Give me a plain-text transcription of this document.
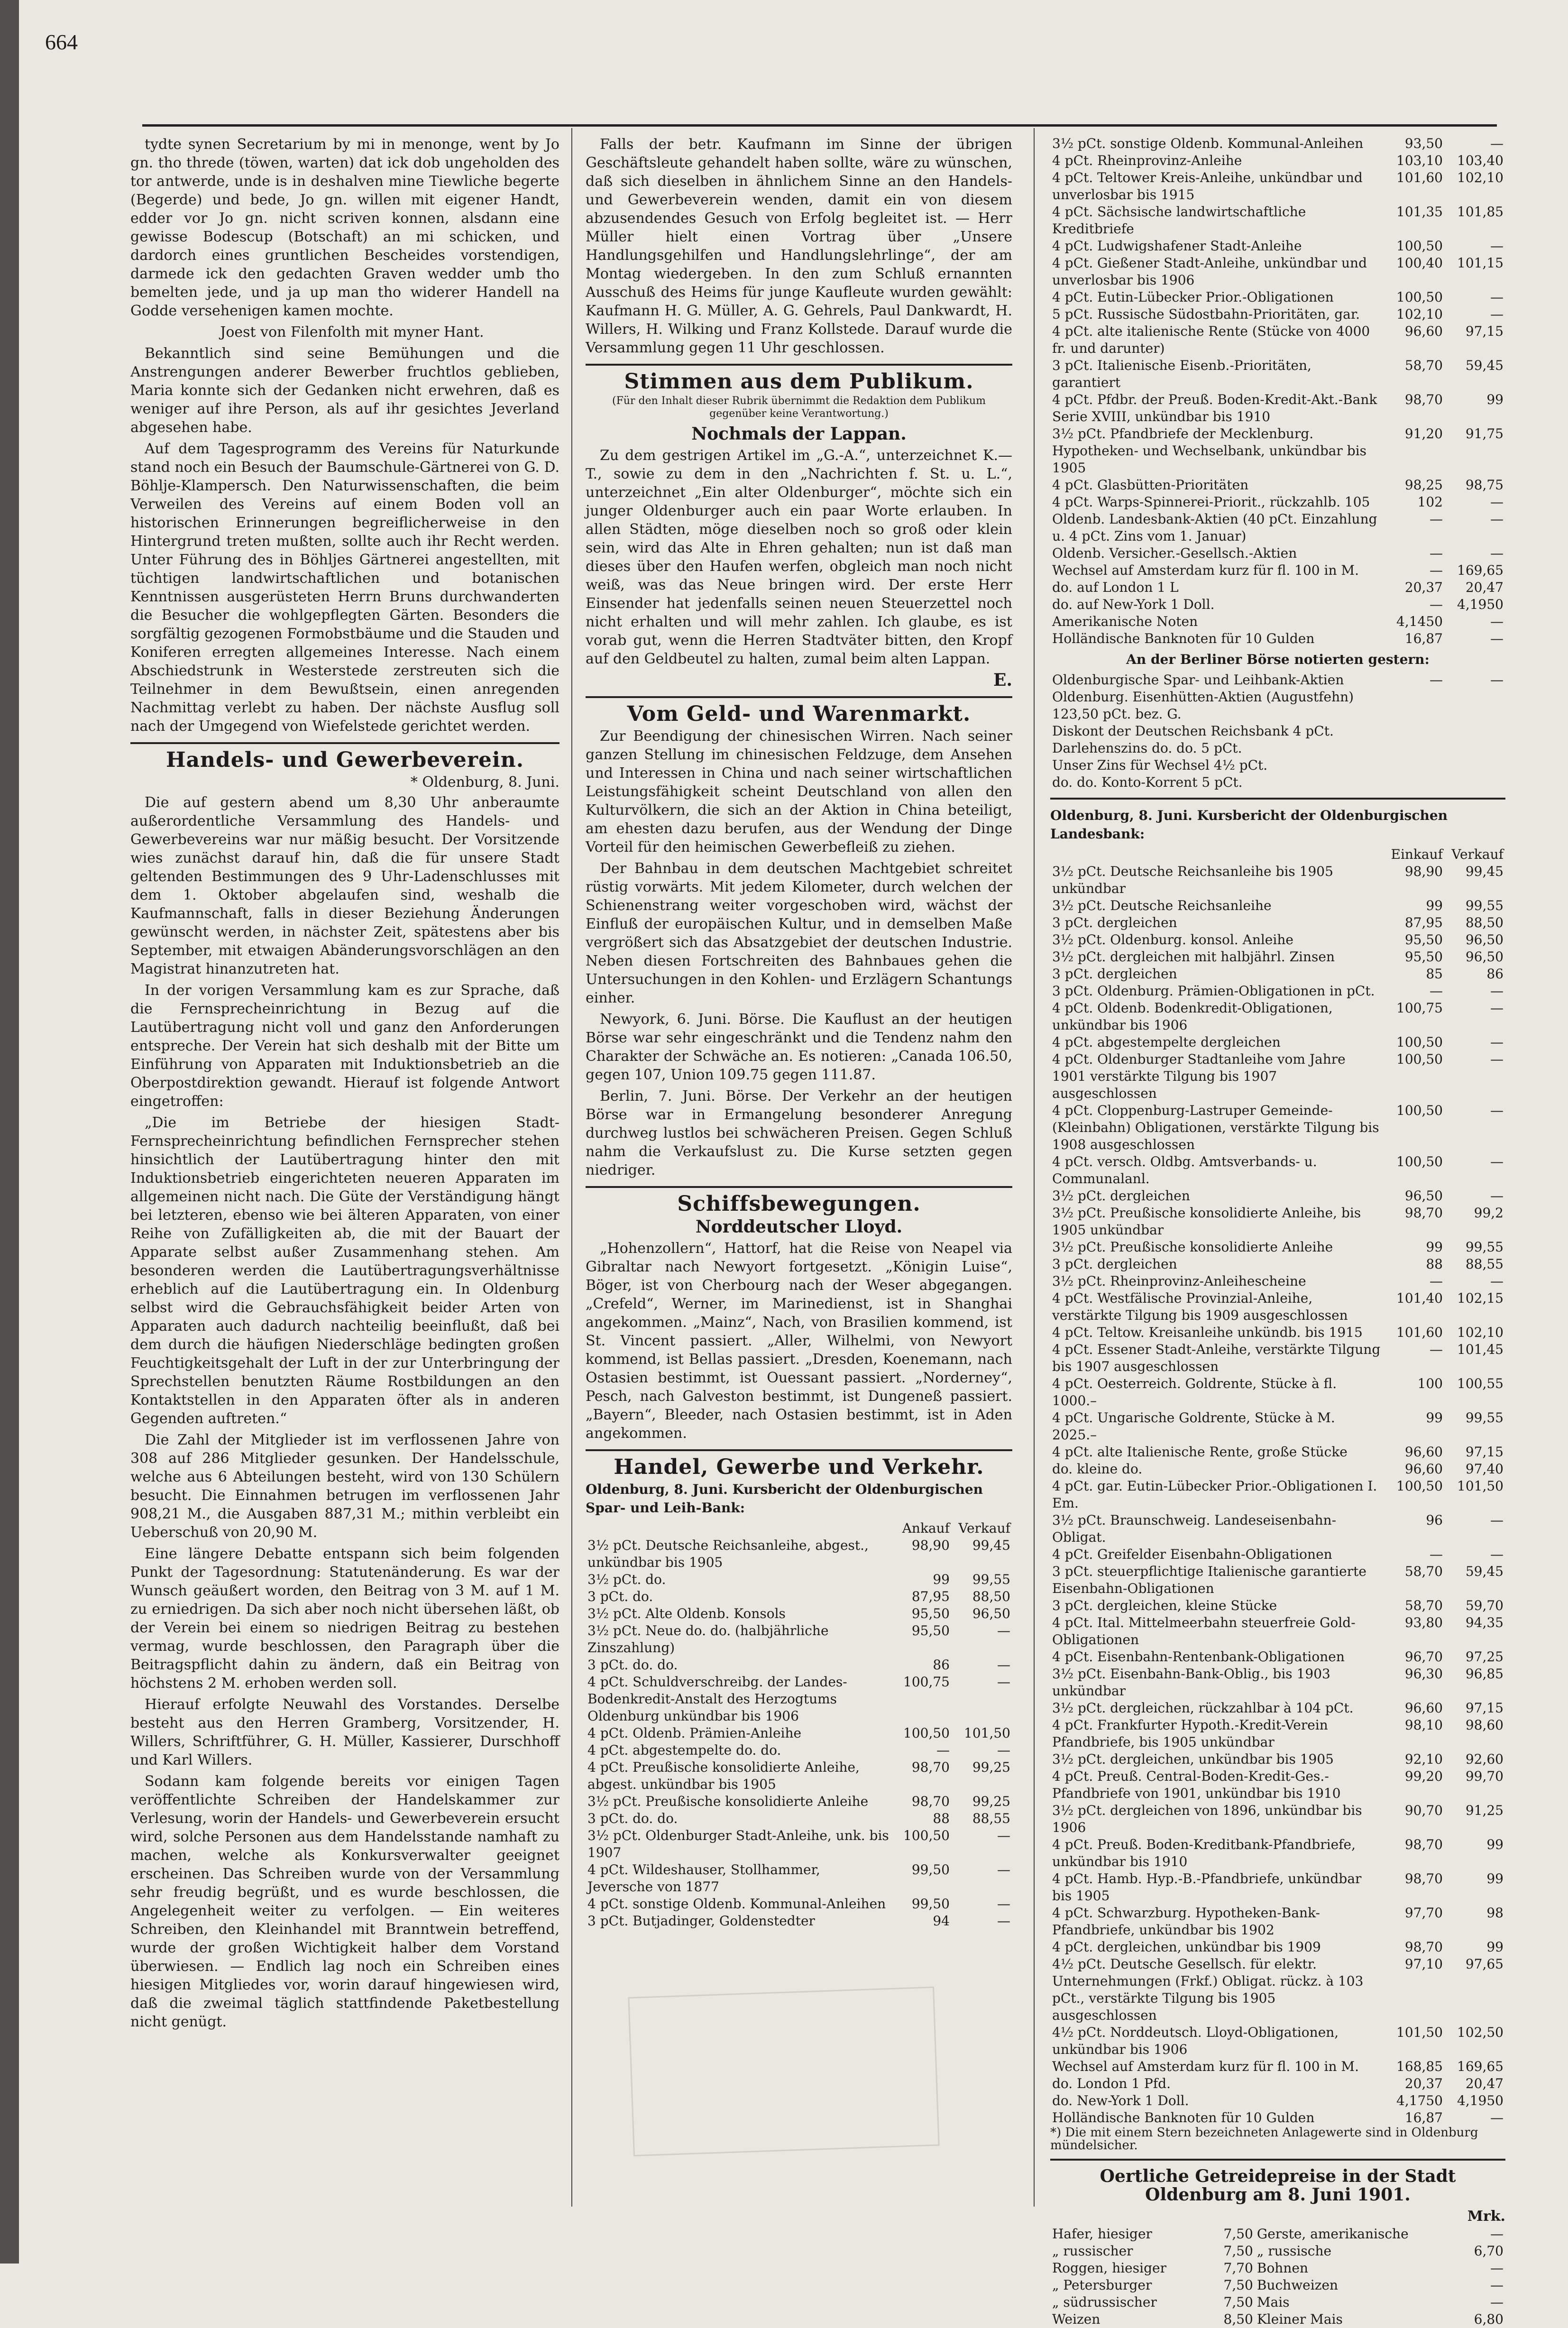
664

tydte synen Secretarium by mi in menonge, went by Jo gn. tho threde (töwen, warten) dat ick dob ungeholden des tor antwerde, unde is in deshalven mine Tiewliche begerte (Begerde) und bede, Jo gn. willen mit eigener Handt, edder vor Jo gn. nicht scriven konnen, alsdann eine gewisse Bodescup (Botschaft) an mi schicken, und dardorch eines gruntlichen Bescheides vorstendigen, darmede ick den gedachten Graven wedder umb tho bemelten jede, und ja up man tho widerer Handell na Godde versehenigen kamen mochte.

Joest von Filenfolth mit myner Hant.

Bekanntlich sind seine Bemühungen und die Anstrengungen anderer Bewerber fruchtlos geblieben, Maria konnte sich der Gedanken nicht erwehren, daß es weniger auf ihre Person, als auf ihr gesichtes Jeverland abgesehen habe.

Auf dem Tagesprogramm des Vereins für Naturkunde stand noch ein Besuch der Baumschule-Gärtnerei von G. D. Böhlje-Klampersch. Den Naturwissenschaften, die beim Verweilen des Vereins auf einem Boden voll an historischen Erinnerungen begreiflicherweise in den Hintergrund treten mußten, sollte auch ihr Recht werden. Unter Führung des in Böhljes Gärtnerei angestellten, mit tüchtigen landwirtschaftlichen und botanischen Kenntnissen ausgerüsteten Herrn Bruns durchwanderten die Besucher die wohlgepflegten Gärten. Besonders die sorgfältig gezogenen Formobstbäume und die Stauden und Koniferen erregten allgemeines Interesse. Nach einem Abschiedstrunk in Westerstede zerstreuten sich die Teilnehmer in dem Bewußtsein, einen anregenden Nachmittag verlebt zu haben. Der nächste Ausflug soll nach der Umgegend von Wiefelstede gerichtet werden.

Handels- und Gewerbeverein.
* Oldenburg, 8. Juni.

Die auf gestern abend um 8,30 Uhr anberaumte außerordentliche Versammlung des Handels- und Gewerbevereins war nur mäßig besucht. Der Vorsitzende wies zunächst darauf hin, daß die für unsere Stadt geltenden Bestimmungen des 9 Uhr-Ladenschlusses mit dem 1. Oktober abgelaufen sind, weshalb die Kaufmannschaft, falls in dieser Beziehung Änderungen gewünscht werden, in nächster Zeit, spätestens aber bis September, mit etwaigen Abänderungsvorschlägen an den Magistrat hinanzutreten hat.

In der vorigen Versammlung kam es zur Sprache, daß die Fernsprecheinrichtung in Bezug auf die Lautübertragung nicht voll und ganz den Anforderungen entspreche. Der Verein hat sich deshalb mit der Bitte um Einführung von Apparaten mit Induktionsbetrieb an die Oberpostdirektion gewandt. Hierauf ist folgende Antwort eingetroffen:

„Die im Betriebe der hiesigen Stadt-Fernsprecheinrichtung befindlichen Fernsprecher stehen hinsichtlich der Lautübertragung hinter den mit Induktionsbetrieb eingerichteten neueren Apparaten im allgemeinen nicht nach. Die Güte der Verständigung hängt bei letzteren, ebenso wie bei älteren Apparaten, von einer Reihe von Zufälligkeiten ab, die mit der Bauart der Apparate selbst außer Zusammenhang stehen. Am besonderen werden die Lautübertragungsverhältnisse erheblich auf die Lautübertragung ein. In Oldenburg selbst wird die Gebrauchsfähigkeit beider Arten von Apparaten auch dadurch nachteilig beeinflußt, daß bei dem durch die häufigen Niederschläge bedingten großen Feuchtigkeitsgehalt der Luft in der zur Unterbringung der Sprechstellen benutzten Räume Rostbildungen an den Kontaktstellen in den Apparaten öfter als in anderen Gegenden auftreten.“

Die Zahl der Mitglieder ist im verflossenen Jahre von 308 auf 286 Mitglieder gesunken. Der Handelsschule, welche aus 6 Abteilungen besteht, wird von 130 Schülern besucht. Die Einnahmen betrugen im verflossenen Jahr 908,21 M., die Ausgaben 887,31 M.; mithin verbleibt ein Ueberschuß von 20,90 M.

Eine längere Debatte entspann sich beim folgenden Punkt der Tagesordnung: Statutenänderung. Es war der Wunsch geäußert worden, den Beitrag von 3 M. auf 1 M. zu erniedrigen. Da sich aber noch nicht übersehen läßt, ob der Verein bei einem so niedrigen Beitrag zu bestehen vermag, wurde beschlossen, den Paragraph über die Beitragspflicht dahin zu ändern, daß ein Beitrag von höchstens 2 M. erhoben werden soll.

Hierauf erfolgte Neuwahl des Vorstandes. Derselbe besteht aus den Herren Gramberg, Vorsitzender, H. Willers, Schriftführer, G. H. Müller, Kassierer, Durschhoff und Karl Willers.

Sodann kam folgende bereits vor einigen Tagen veröffentlichte Schreiben der Handelskammer zur Verlesung, worin der Handels- und Gewerbeverein ersucht wird, solche Personen aus dem Handelsstande namhaft zu machen, welche als Konkursverwalter geeignet erscheinen. Das Schreiben wurde von der Versammlung sehr freudig begrüßt, und es wurde beschlossen, die Angelegenheit weiter zu verfolgen. — Ein weiteres Schreiben, den Kleinhandel mit Branntwein betreffend, wurde der großen Wichtigkeit halber dem Vorstand überwiesen. — Endlich lag noch ein Schreiben eines hiesigen Mitgliedes vor, worin darauf hingewiesen wird, daß die zweimal täglich stattfindende Paketbestellung nicht genügt.

Falls der betr. Kaufmann im Sinne der übrigen Geschäftsleute gehandelt haben sollte, wäre zu wünschen, daß sich dieselben in ähnlichem Sinne an den Handels- und Gewerbeverein wenden, damit ein von diesem abzusendendes Gesuch von Erfolg begleitet ist. — Herr Müller hielt einen Vortrag über „Unsere Handlungsgehilfen und Handlungslehrlinge“, der am Montag wiedergeben. In den zum Schluß ernannten Ausschuß des Heims für junge Kaufleute wurden gewählt: Kaufmann H. G. Müller, A. G. Gehrels, Paul Dankwardt, H. Willers, H. Wilking und Franz Kollstede. Darauf wurde die Versammlung gegen 11 Uhr geschlossen.

Stimmen aus dem Publikum.
(Für den Inhalt dieser Rubrik übernimmt die Redaktion dem Publikum gegenüber keine Verantwortung.)
Nochmals der Lappan.

Zu dem gestrigen Artikel im „G.-A.“, unterzeichnet K.—T., sowie zu dem in den „Nachrichten f. St. u. L.“, unterzeichnet „Ein alter Oldenburger“, möchte sich ein junger Oldenburger auch ein paar Worte erlauben. In allen Städten, möge dieselben noch so groß oder klein sein, wird das Alte in Ehren gehalten; nun ist daß man dieses über den Haufen werfen, obgleich man noch nicht weiß, was das Neue bringen wird. Der erste Herr Einsender hat jedenfalls seinen neuen Steuerzettel noch nicht erhalten und will mehr zahlen. Ich glaube, es ist vorab gut, wenn die Herren Stadtväter bitten, den Kropf auf den Geldbeutel zu halten, zumal beim alten Lappan.

E.
Vom Geld- und Warenmarkt.

Zur Beendigung der chinesischen Wirren. Nach seiner ganzen Stellung im chinesischen Feldzuge, dem Ansehen und Interessen in China und nach seiner wirtschaftlichen Leistungsfähigkeit scheint Deutschland von allen den Kulturvölkern, die sich an der Aktion in China beteiligt, am ehesten dazu berufen, aus der Wendung der Dinge Vorteil für den heimischen Gewerbefleiß zu ziehen.

Der Bahnbau in dem deutschen Machtgebiet schreitet rüstig vorwärts. Mit jedem Kilometer, durch welchen der Schienenstrang weiter vorgeschoben wird, wächst der Einfluß der europäischen Kultur, und in demselben Maße vergrößert sich das Absatzgebiet der deutschen Industrie. Neben diesen Fortschreiten des Bahnbaues gehen die Untersuchungen in den Kohlen- und Erzlägern Schantungs einher.

Newyork, 6. Juni. Börse. Die Kauflust an der heutigen Börse war sehr eingeschränkt und die Tendenz nahm den Charakter der Schwäche an. Es notieren: „Canada 106.50, gegen 107, Union 109.75 gegen 111.87.

Berlin, 7. Juni. Börse. Der Verkehr an der heutigen Börse war in Ermangelung besonderer Anregung durchweg lustlos bei schwächeren Preisen. Gegen Schluß nahm die Verkaufslust zu. Die Kurse setzten gegen niedriger.

Schiffsbewegungen.
Norddeutscher Lloyd.

„Hohenzollern“, Hattorf, hat die Reise von Neapel via Gibraltar nach Newyort fortgesetzt. „Königin Luise“, Böger, ist von Cherbourg nach der Weser abgegangen. „Crefeld“, Werner, im Marinedienst, ist in Shanghai angekommen. „Mainz“, Nach, von Brasilien kommend, ist St. Vincent passiert. „Aller, Wilhelmi, von Newyort kommend, ist Bellas passiert. „Dresden, Koenemann, nach Ostasien bestimmt, ist Ouessant passiert. „Norderney“, Pesch, nach Galveston bestimmt, ist Dungeneß passiert. „Bayern“, Bleeder, nach Ostasien bestimmt, ist in Aden angekommen.

Handel, Gewerbe und Verkehr.
Oldenburg, 8. Juni. Kursbericht der Oldenburgischen Spar- und Leih-Bank:
	Ankauf	Verkauf
3½ pCt. Deutsche Reichsanleihe, abgest., unkündbar bis 1905	98,90	99,45
3½ pCt. do.	99	99,55
3 pCt. do.	87,95	88,50
3½ pCt. Alte Oldenb. Konsols	95,50	96,50
3½ pCt. Neue do. do. (halbjährliche Zinszahlung)	95,50	—
3 pCt. do. do.	86	—
4 pCt. Schuldverschreibg. der Landes-Bodenkredit-Anstalt des Herzogtums Oldenburg unkündbar bis 1906	100,75	—
4 pCt. Oldenb. Prämien-Anleihe	100,50	101,50
4 pCt. abgestempelte do. do.	—	—
4 pCt. Preußische konsolidierte Anleihe, abgest. unkündbar bis 1905	98,70	99,25
3½ pCt. Preußische konsolidierte Anleihe	98,70	99,25
3 pCt. do. do.	88	88,55
3½ pCt. Oldenburger Stadt-Anleihe, unk. bis 1907	100,50	—
4 pCt. Wildeshauser, Stollhammer, Jeversche von 1877	99,50	—
4 pCt. sonstige Oldenb. Kommunal-Anleihen	99,50	—
3 pCt. Butjadinger, Goldenstedter	94	—
3½ pCt. sonstige Oldenb. Kommunal-Anleihen	93,50	—
4 pCt. Rheinprovinz-Anleihe	103,10	103,40
4 pCt. Teltower Kreis-Anleihe, unkündbar und unverlosbar bis 1915	101,60	102,10
4 pCt. Sächsische landwirtschaftliche Kreditbriefe	101,35	101,85
4 pCt. Ludwigshafener Stadt-Anleihe	100,50	—
4 pCt. Gießener Stadt-Anleihe, unkündbar und unverlosbar bis 1906	100,40	101,15
4 pCt. Eutin-Lübecker Prior.-Obligationen	100,50	—
5 pCt. Russische Südostbahn-Prioritäten, gar.	102,10	—
4 pCt. alte italienische Rente (Stücke von 4000 fr. und darunter)	96,60	97,15
3 pCt. Italienische Eisenb.-Prioritäten, garantiert	58,70	59,45
4 pCt. Pfdbr. der Preuß. Boden-Kredit-Akt.-Bank Serie XVIII, unkündbar bis 1910	98,70	99
3½ pCt. Pfandbriefe der Mecklenburg. Hypotheken- und Wechselbank, unkündbar bis 1905	91,20	91,75
4 pCt. Glasbütten-Prioritäten	98,25	98,75
4 pCt. Warps-Spinnerei-Priorit., rückzahlb. 105	102	—
Oldenb. Landesbank-Aktien (40 pCt. Einzahlung u. 4 pCt. Zins vom 1. Januar)	—	—
Oldenb. Versicher.-Gesellsch.-Aktien	—	—
Wechsel auf Amsterdam kurz für fl. 100 in M.	—	169,65
do. auf London 1 L	20,37	20,47
do. auf New-York 1 Doll.	—	4,1950
Amerikanische Noten	4,1450	—
Holländische Banknoten für 10 Gulden	16,87	—
An der Berliner Börse notierten gestern:
Oldenburgische Spar- und Leihbank-Aktien	—	—
Oldenburg. Eisenhütten-Aktien (Augustfehn) 123,50 pCt. bez. G.		
Diskont der Deutschen Reichsbank 4 pCt.		
Darlehenszins do. do. 5 pCt.		
Unser Zins für Wechsel 4½ pCt.		
do. do. Konto-Korrent 5 pCt.		
Oldenburg, 8. Juni. Kursbericht der Oldenburgischen Landesbank:
	Einkauf	Verkauf
3½ pCt. Deutsche Reichsanleihe bis 1905 unkündbar	98,90	99,45
3½ pCt. Deutsche Reichsanleihe	99	99,55
3 pCt. dergleichen	87,95	88,50
3½ pCt. Oldenburg. konsol. Anleihe	95,50	96,50
3½ pCt. dergleichen mit halbjährl. Zinsen	95,50	96,50
3 pCt. dergleichen	85	86
3 pCt. Oldenburg. Prämien-Obligationen in pCt.	—	—
4 pCt. Oldenb. Bodenkredit-Obligationen, unkündbar bis 1906	100,75	—
4 pCt. abgestempelte dergleichen	100,50	—
4 pCt. Oldenburger Stadtanleihe vom Jahre 1901 verstärkte Tilgung bis 1907 ausgeschlossen	100,50	—
4 pCt. Cloppenburg-Lastruper Gemeinde-(Kleinbahn) Obligationen, verstärkte Tilgung bis 1908 ausgeschlossen	100,50	—
4 pCt. versch. Oldbg. Amtsverbands- u. Communalanl.	100,50	—
3½ pCt. dergleichen	96,50	—
3½ pCt. Preußische konsolidierte Anleihe, bis 1905 unkündbar	98,70	99,2
3½ pCt. Preußische konsolidierte Anleihe	99	99,55
3 pCt. dergleichen	88	88,55
3½ pCt. Rheinprovinz-Anleihescheine	—	—
4 pCt. Westfälische Provinzial-Anleihe, verstärkte Tilgung bis 1909 ausgeschlossen	101,40	102,15
4 pCt. Teltow. Kreisanleihe unkündb. bis 1915	101,60	102,10
4 pCt. Essener Stadt-Anleihe, verstärkte Tilgung bis 1907 ausgeschlossen	—	101,45
4 pCt. Oesterreich. Goldrente, Stücke à fl. 1000.–	100	100,55
4 pCt. Ungarische Goldrente, Stücke à M. 2025.–	99	99,55
4 pCt. alte Italienische Rente, große Stücke	96,60	97,15
do. kleine do.	96,60	97,40
4 pCt. gar. Eutin-Lübecker Prior.-Obligationen I. Em.	100,50	101,50
3½ pCt. Braunschweig. Landeseisenbahn-Obligat.	96	—
4 pCt. Greifelder Eisenbahn-Obligationen	—	—
3 pCt. steuerpflichtige Italienische garantierte Eisenbahn-Obligationen	58,70	59,45
3 pCt. dergleichen, kleine Stücke	58,70	59,70
4 pCt. Ital. Mittelmeerbahn steuerfreie Gold-Obligationen	93,80	94,35
4 pCt. Eisenbahn-Rentenbank-Obligationen	96,70	97,25
3½ pCt. Eisenbahn-Bank-Oblig., bis 1903 unkündbar	96,30	96,85
3½ pCt. dergleichen, rückzahlbar à 104 pCt.	96,60	97,15
4 pCt. Frankfurter Hypoth.-Kredit-Verein Pfandbriefe, bis 1905 unkündbar	98,10	98,60
3½ pCt. dergleichen, unkündbar bis 1905	92,10	92,60
4 pCt. Preuß. Central-Boden-Kredit-Ges.-Pfandbriefe von 1901, unkündbar bis 1910	99,20	99,70
3½ pCt. dergleichen von 1896, unkündbar bis 1906	90,70	91,25
4 pCt. Preuß. Boden-Kreditbank-Pfandbriefe, unkündbar bis 1910	98,70	99
4 pCt. Hamb. Hyp.-B.-Pfandbriefe, unkündbar bis 1905	98,70	99
4 pCt. Schwarzburg. Hypotheken-Bank-Pfandbriefe, unkündbar bis 1902	97,70	98
4 pCt. dergleichen, unkündbar bis 1909	98,70	99
4½ pCt. Deutsche Gesellsch. für elektr. Unternehmungen (Frkf.) Obligat. rückz. à 103 pCt., verstärkte Tilgung bis 1905 ausgeschlossen	97,10	97,65
4½ pCt. Norddeutsch. Lloyd-Obligationen, unkündbar bis 1906	101,50	102,50
Wechsel auf Amsterdam kurz für fl. 100 in M.	168,85	169,65
do. London 1 Pfd.	20,37	20,47
do. New-York 1 Doll.	4,1750	4,1950
Holländische Banknoten für 10 Gulden	16,87	—
*) Die mit einem Stern bezeichneten Anlagewerte sind in Oldenburg mündelsicher.
Oertliche Getreidepreise in der Stadt Oldenburg am 8. Juni 1901.
Mrk.
Hafer, hiesiger	7,50	Gerste, amerikanische	—
„ russischer	7,50	„ russische	6,70
Roggen, hiesiger	7,70	Bohnen	—
„ Petersburger	7,50	Buchweizen	—
„ südrussischer	7,50	Mais	—
Weizen	8,50	Kleiner Mais	6,80
